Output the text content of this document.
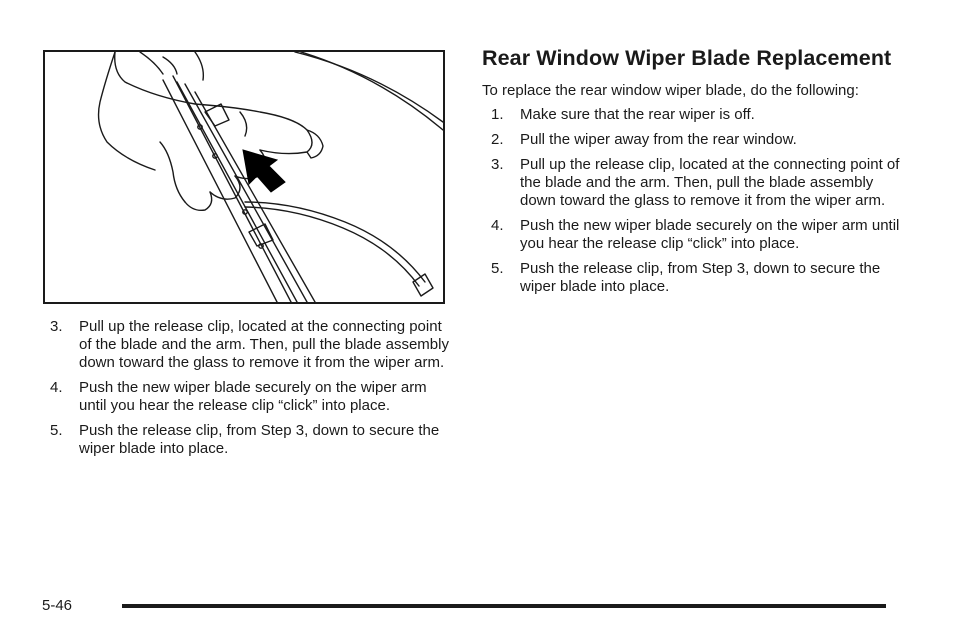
3. Pull up the release clip, located at the connecting point of the blade and the arm. Then, pull the blade assembly down toward the glass to remove it from the wiper arm.
4. Push the new wiper blade securely on the wiper arm until you hear the release clip “click” into place.
5. Push the release clip, from Step 3, down to secure the wiper blade into place.
Rear Window Wiper Blade Replacement

To replace the rear window wiper blade, do the following:

1. Make sure that the rear wiper is off.
2. Pull the wiper away from the rear window.
3. Pull up the release clip, located at the connecting point of the blade and the arm. Then, pull the blade assembly down toward the glass to remove it from the wiper arm.
4. Push the new wiper blade securely on the wiper arm until you hear the release clip “click” into place.
5. Push the release clip, from Step 3, down to secure the wiper blade into place.
5-46
